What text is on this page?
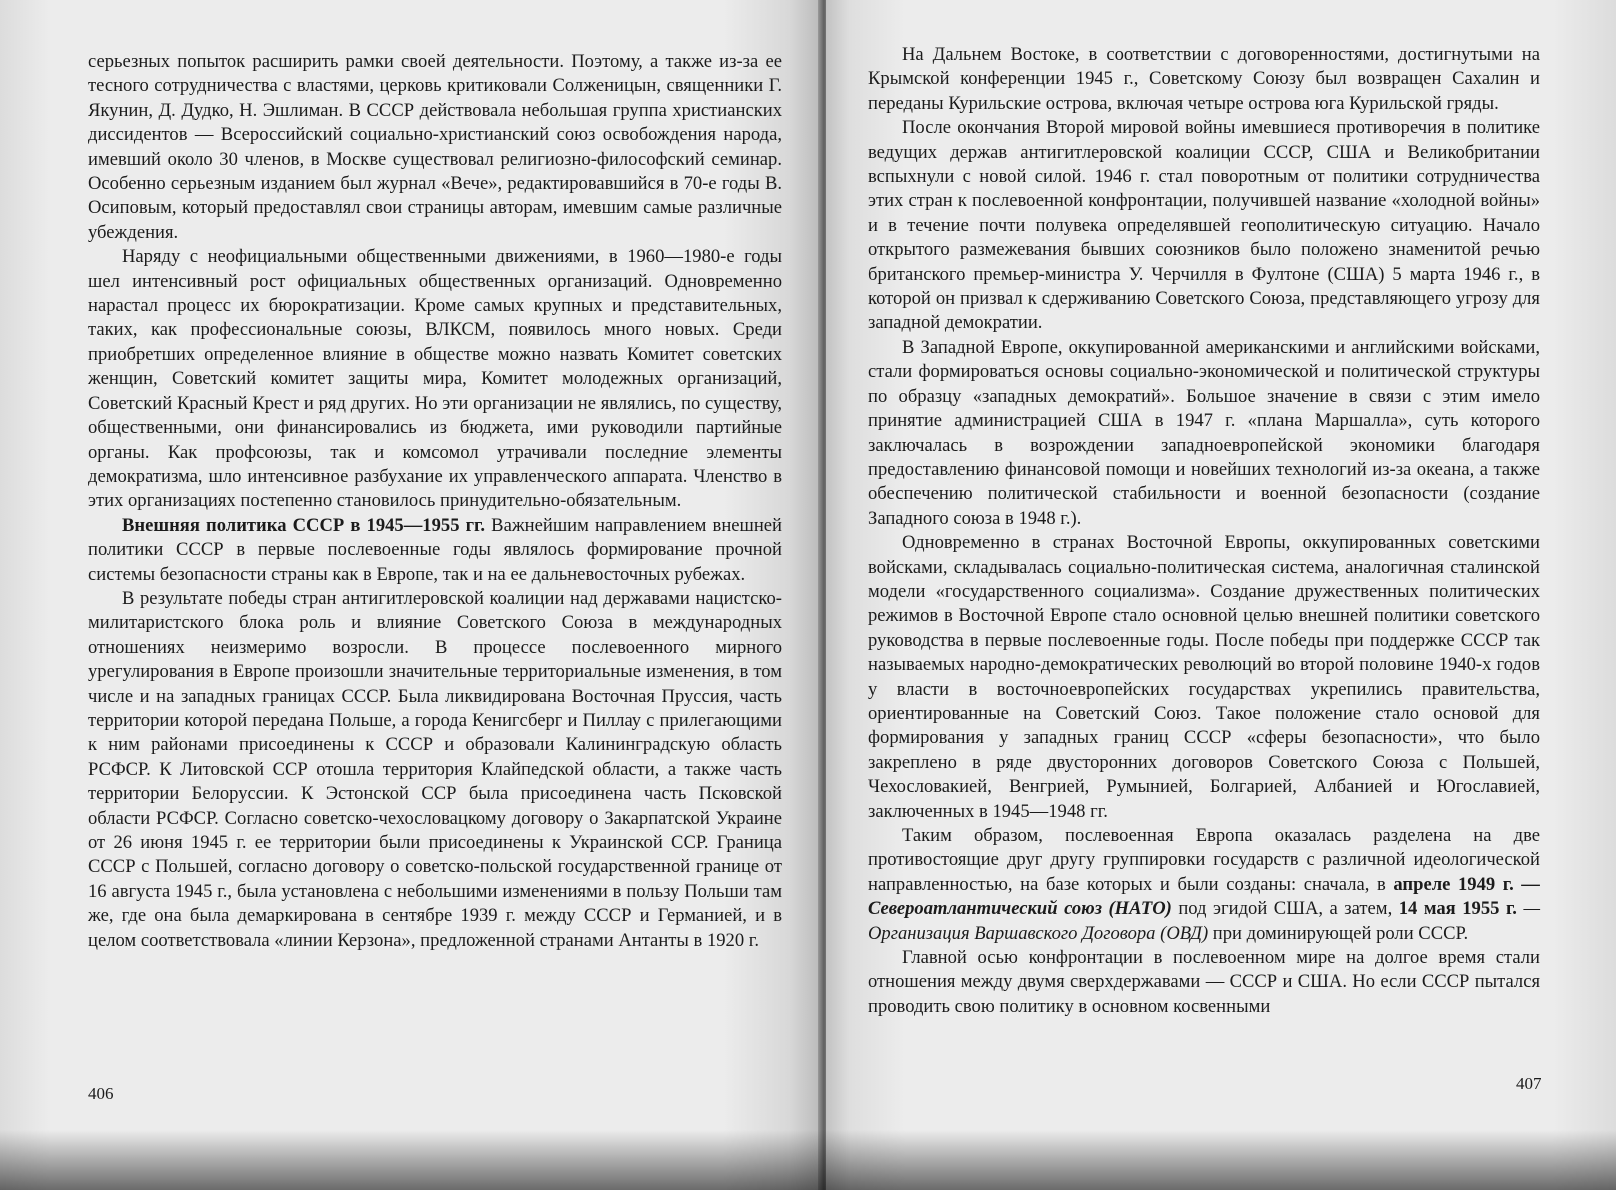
серьезных попыток расширить рамки своей деятельности. Поэтому, а также из-за ее тесного сотрудничества с властями, церковь критиковали Солженицын, священники Г. Якунин, Д. Дудко, Н. Эшлиман. В СССР действовала небольшая группа христианских диссидентов — Всероссийский социально-христианский союз освобождения народа, имевший около 30 членов, в Москве существовал религиозно-философский семинар. Особенно серьезным изданием был журнал «Вече», редактировавшийся в 70-е годы В. Осиповым, который предоставлял свои страницы авторам, имевшим самые различные убеждения.

Наряду с неофициальными общественными движениями, в 1960—1980-е годы шел интенсивный рост официальных общественных организаций. Одновременно нарастал процесс их бюрократизации. Кроме самых крупных и представительных, таких, как профессиональные союзы, ВЛКСМ, появилось много новых. Среди приобретших определенное влияние в обществе можно назвать Комитет советских женщин, Советский комитет защиты мира, Комитет молодежных организаций, Советский Красный Крест и ряд других. Но эти организации не являлись, по существу, общественными, они финансировались из бюджета, ими руководили партийные органы. Как профсоюзы, так и комсомол утрачивали последние элементы демократизма, шло интенсивное разбухание их управленческого аппарата. Членство в этих организациях постепенно становилось принудительно-обязательным.

Внешняя политика СССР в 1945—1955 гг. Важнейшим направлением внешней политики СССР в первые послевоенные годы являлось формирование прочной системы безопасности страны как в Европе, так и на ее дальневосточных рубежах.

В результате победы стран антигитлеровской коалиции над державами нацистско-милитаристского блока роль и влияние Советского Союза в международных отношениях неизмеримо возросли. В процессе послевоенного мирного урегулирования в Европе произошли значительные территориальные изменения, в том числе и на западных границах СССР. Была ликвидирована Восточная Пруссия, часть территории которой передана Польше, а города Кенигсберг и Пиллау с прилегающими к ним районами присоединены к СССР и образовали Калининградскую область РСФСР. К Литовской ССР отошла территория Клайпедской области, а также часть территории Белоруссии. К Эстонской ССР была присоединена часть Псковской области РСФСР. Согласно советско-чехословацкому договору о Закарпатской Украине от 26 июня 1945 г. ее территории были присоединены к Украинской ССР. Граница СССР с Польшей, согласно договору о советско-польской государственной границе от 16 августа 1945 г., была установлена с небольшими изменениями в пользу Польши там же, где она была демаркирована в сентябре 1939 г. между СССР и Германией, и в целом соответствовала «линии Керзона», предложенной странами Антанты в 1920 г.

406

На Дальнем Востоке, в соответствии с договоренностями, достигнутыми на Крымской конференции 1945 г., Советскому Союзу был возвращен Сахалин и переданы Курильские острова, включая четыре острова юга Курильской гряды.

После окончания Второй мировой войны имевшиеся противоречия в политике ведущих держав антигитлеровской коалиции СССР, США и Великобритании вспыхнули с новой силой. 1946 г. стал поворотным от политики сотрудничества этих стран к послевоенной конфронтации, получившей название «холодной войны» и в течение почти полувека определявшей геополитическую ситуацию. Начало открытого размежевания бывших союзников было положено знаменитой речью британского премьер-министра У. Черчилля в Фултоне (США) 5 марта 1946 г., в которой он призвал к сдерживанию Советского Союза, представляющего угрозу для западной демократии.

В Западной Европе, оккупированной американскими и английскими войсками, стали формироваться основы социально-экономической и политической структуры по образцу «западных демократий». Большое значение в связи с этим имело принятие администрацией США в 1947 г. «плана Маршалла», суть которого заключалась в возрождении западноевропейской экономики благодаря предоставлению финансовой помощи и новейших технологий из-за океана, а также обеспечению политической стабильности и военной безопасности (создание Западного союза в 1948 г.).

Одновременно в странах Восточной Европы, оккупированных советскими войсками, складывалась социально-политическая система, аналогичная сталинской модели «государственного социализма». Создание дружественных политических режимов в Восточной Европе стало основной целью внешней политики советского руководства в первые послевоенные годы. После победы при поддержке СССР так называемых народно-демократических революций во второй половине 1940-х годов у власти в восточноевропейских государствах укрепились правительства, ориентированные на Советский Союз. Такое положение стало основой для формирования у западных границ СССР «сферы безопасности», что было закреплено в ряде двусторонних договоров Советского Союза с Польшей, Чехословакией, Венгрией, Румынией, Болгарией, Албанией и Югославией, заключенных в 1945—1948 гг.

Таким образом, послевоенная Европа оказалась разделена на две противостоящие друг другу группировки государств с различной идеологической направленностью, на базе которых и были созданы: сначала, в апреле 1949 г. — Североатлантический союз (НАТО) под эгидой США, а затем, 14 мая 1955 г. — Организация Варшавского Договора (ОВД) при доминирующей роли СССР.

Главной осью конфронтации в послевоенном мире на долгое время стали отношения между двумя сверхдержавами — СССР и США. Но если СССР пытался проводить свою политику в основном косвенными

407
